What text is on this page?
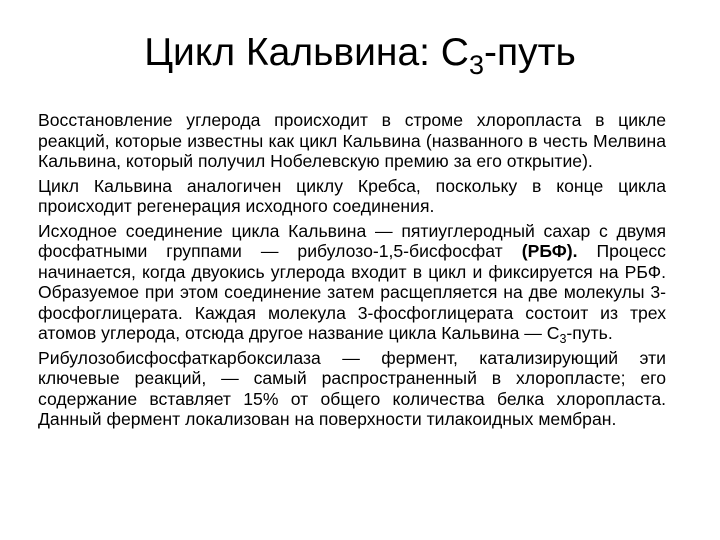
Цикл Кальвина: $С_3$-путь

Восстановление углерода происходит в строме хлоропласта в цикле реакций, которые известны как цикл Кальвина (названного в честь Мелвина Кальвина, который получил Нобелевскую премию за его открытие).

Цикл Кальвина аналогичен циклу Кребса, поскольку в конце цикла происходит регенерация исходного соединения.

Исходное соединение цикла Кальвина — пятиуглеродный сахар с двумя фосфатными группами — рибулозо-1,5-бисфосфат (РБФ). Процесс начинается, когда двуокись углерода входит в цикл и фиксируется на РБФ. Образуемое при этом соединение затем расщепляется на две молекулы 3-фосфоглицерата. Каждая молекула 3-фосфоглицерата состоит из трех атомов углерода, отсюда другое название цикла Кальвина — $С_3$-путь.

Рибулозобисфосфаткарбоксилаза — фермент, катализирующий эти ключевые реакций, — самый распространенный в хлоропласте; его содержание вставляет 15% от общего количества белка хлоропласта. Данный фермент локализован на поверхности тилакоидных мембран.
